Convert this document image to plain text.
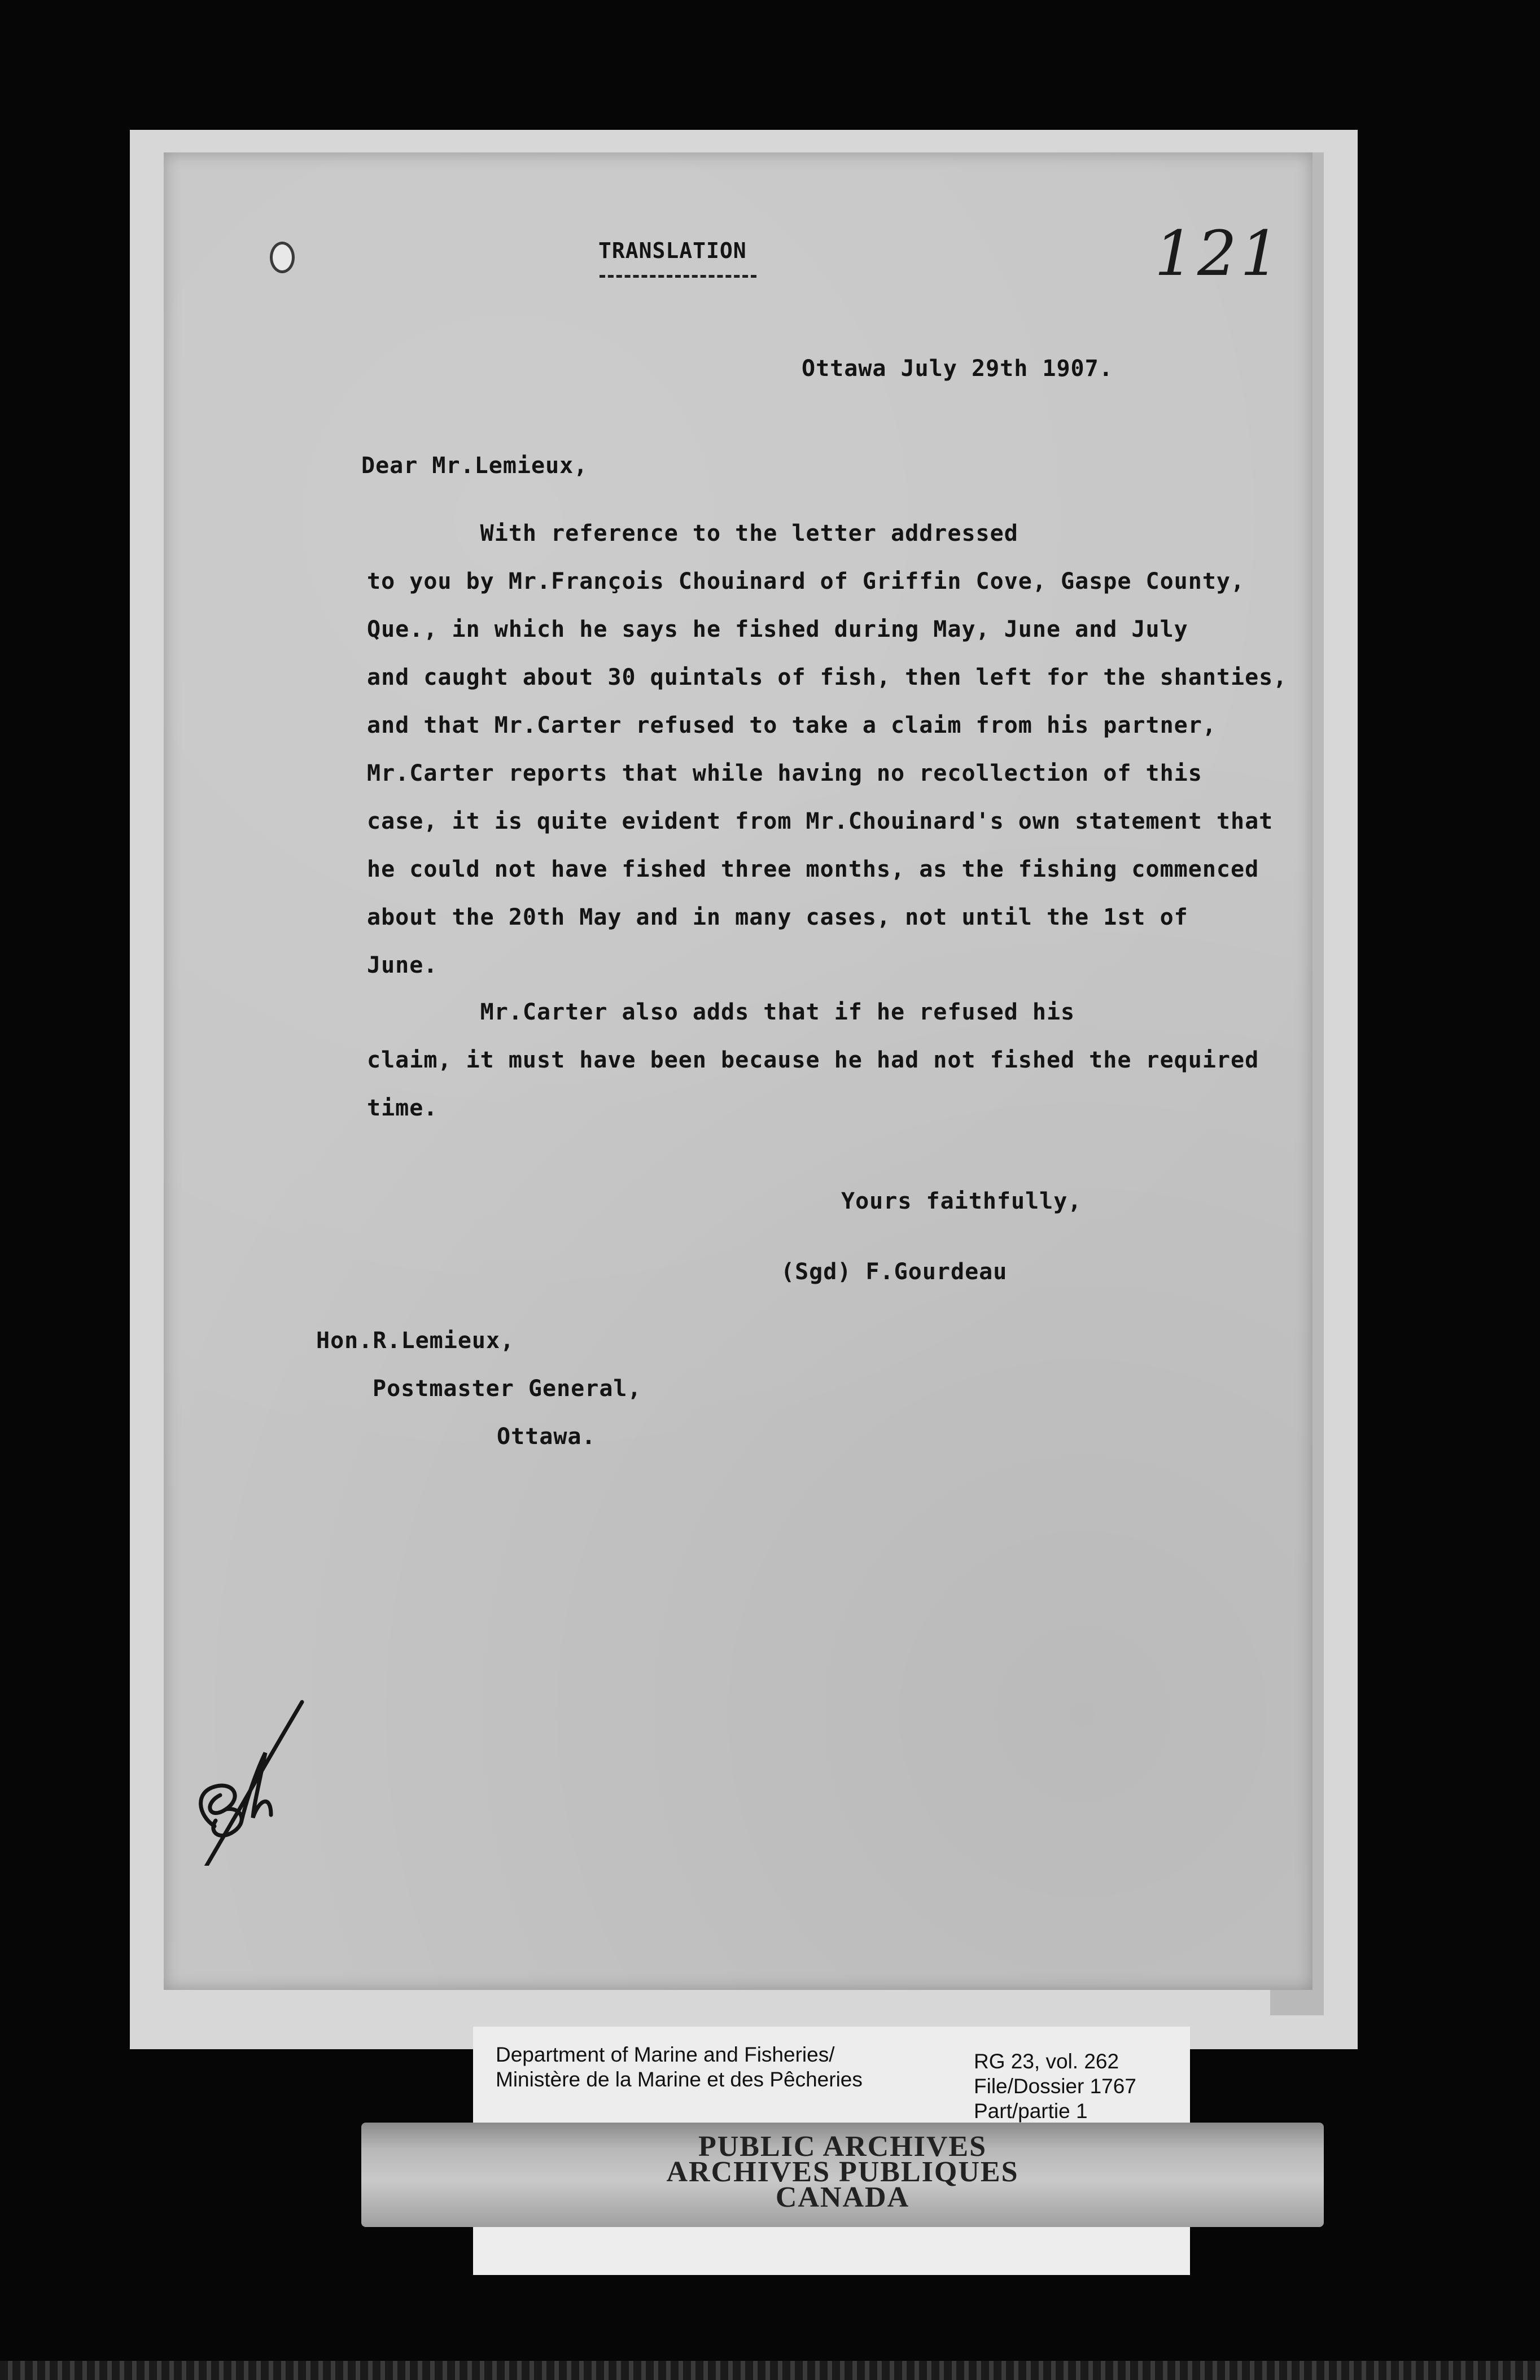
TRANSLATION	121
Ottawa July 29th 1907.
Dear Mr.Lemieux,
With reference to the letter addressed
to you by Mr.François Chouinard of Griffin Cove, Gaspe County,
Que., in which he says he fished during May, June and July
and caught about 30 quintals of fish, then left for the shanties,
and that Mr.Carter refused to take a claim from his partner,
Mr.Carter reports that while having no recollection of this
case, it is quite evident from Mr.Chouinard's own statement that
he could not have fished three months, as the fishing commenced
about the 20th May and in many cases, not until the 1st of
June.
Mr.Carter also adds that if he refused his
claim, it must have been because he had not fished the required
time.
Yours faithfully,
(Sgd) F.Gourdeau
Hon.R.Lemieux,
Postmaster General,
Ottawa.
Department of Marine and Fisheries/
Ministère de la Marine et des Pêcheries
RG 23, vol. 262
File/Dossier 1767
Part/partie 1
PUBLIC ARCHIVES
ARCHIVES PUBLIQUES
CANADA
